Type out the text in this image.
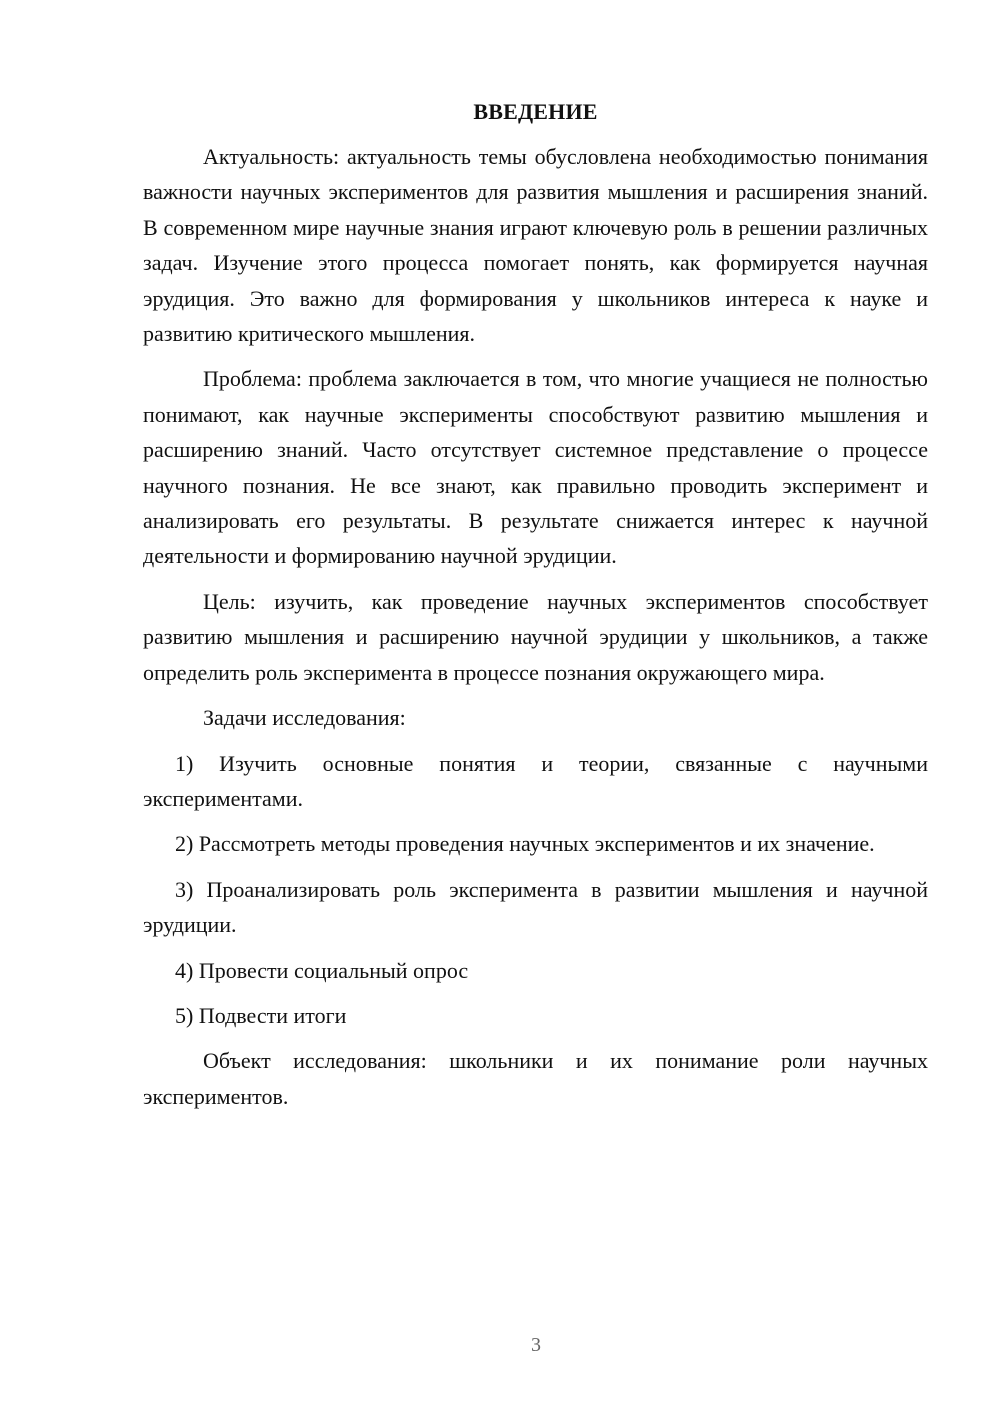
ВВЕДЕНИЕ

Актуальность: актуальность темы обусловлена необходимостью понимания важности научных экспериментов для развития мышления и расширения знаний. В современном мире научные знания играют ключевую роль в решении различных задач. Изучение этого процесса помогает понять, как формируется научная эрудиция. Это важно для формирования у школьников интереса к науке и развитию критического мышления.

Проблема: проблема заключается в том, что многие учащиеся не полностью понимают, как научные эксперименты способствуют развитию мышления и расширению знаний. Часто отсутствует системное представление о процессе научного познания. Не все знают, как правильно проводить эксперимент и анализировать его результаты. В результате снижается интерес к научной деятельности и формированию научной эрудиции.

Цель: изучить, как проведение научных экспериментов способствует развитию мышления и расширению научной эрудиции у школьников, а также определить роль эксперимента в процессе познания окружающего мира.

Задачи исследования:

1) Изучить основные понятия и теории, связанные с научными экспериментами.

2) Рассмотреть методы проведения научных экспериментов и их значение.

3) Проанализировать роль эксперимента в развитии мышления и научной эрудиции.

4) Провести социальный опрос

5) Подвести итоги

Объект исследования: школьники и их понимание роли научных экспериментов.

3
